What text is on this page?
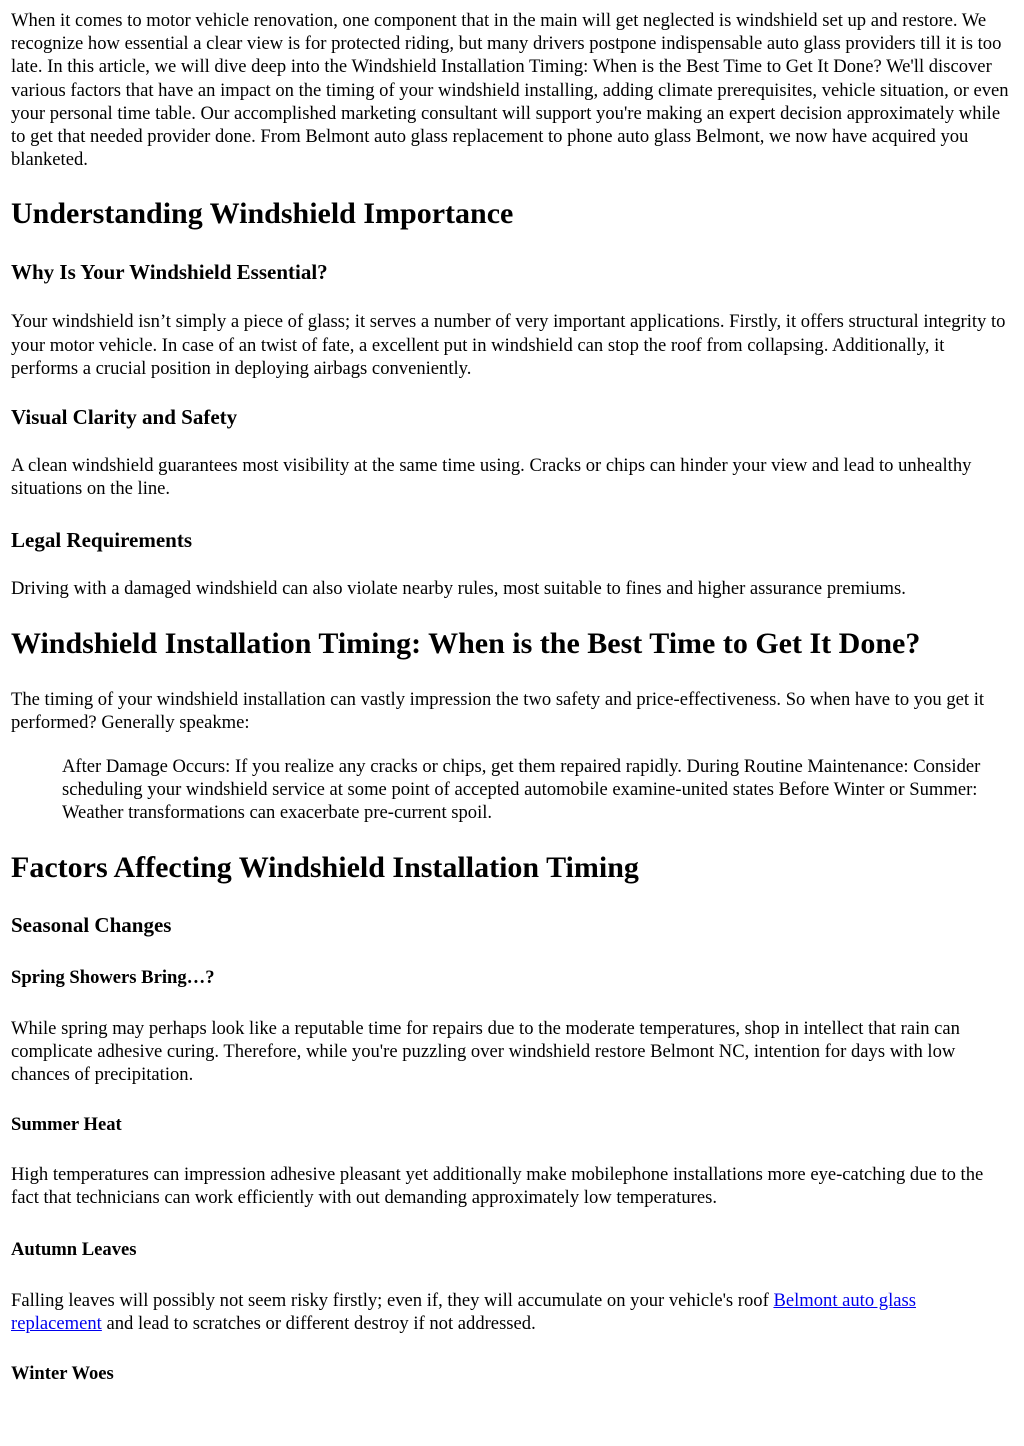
When it comes to motor vehicle renovation, one component that in the main will get neglected is windshield set up and restore. We recognize how essential a clear view is for protected riding, but many drivers postpone indispensable auto glass providers till it is too late. In this article, we will dive deep into the Windshield Installation Timing: When is the Best Time to Get It Done? We'll discover various factors that have an impact on the timing of your windshield installing, adding climate prerequisites, vehicle situation, or even your personal time table. Our accomplished marketing consultant will support you're making an expert decision approximately while to get that needed provider done. From Belmont auto glass replacement to phone auto glass Belmont, we now have acquired you blanketed.

Understanding Windshield Importance
Why Is Your Windshield Essential?

Your windshield isn’t simply a piece of glass; it serves a number of very important applications. Firstly, it offers structural integrity to your motor vehicle. In case of an twist of fate, a excellent put in windshield can stop the roof from collapsing. Additionally, it performs a crucial position in deploying airbags conveniently.

Visual Clarity and Safety

A clean windshield guarantees most visibility at the same time using. Cracks or chips can hinder your view and lead to unhealthy situations on the line.

Legal Requirements

Driving with a damaged windshield can also violate nearby rules, most suitable to fines and higher assurance premiums.

Windshield Installation Timing: When is the Best Time to Get It Done?

The timing of your windshield installation can vastly impression the two safety and price-effectiveness. So when have to you get it performed? Generally speakme:

After Damage Occurs: If you realize any cracks or chips, get them repaired rapidly. During Routine Maintenance: Consider scheduling your windshield service at some point of accepted automobile examine-united states Before Winter or Summer: Weather transformations can exacerbate pre-current spoil.
Factors Affecting Windshield Installation Timing
Seasonal Changes
Spring Showers Bring…?

While spring may perhaps look like a reputable time for repairs due to the moderate temperatures, shop in intellect that rain can complicate adhesive curing. Therefore, while you're puzzling over windshield restore Belmont NC, intention for days with low chances of precipitation.

Summer Heat

High temperatures can impression adhesive pleasant yet additionally make mobilephone installations more eye-catching due to the fact that technicians can work efficiently with out demanding approximately low temperatures.

Autumn Leaves

Falling leaves will possibly not seem risky firstly; even if, they will accumulate on your vehicle's roof Belmont auto glass replacement and lead to scratches or different destroy if not addressed.

Winter Woes
